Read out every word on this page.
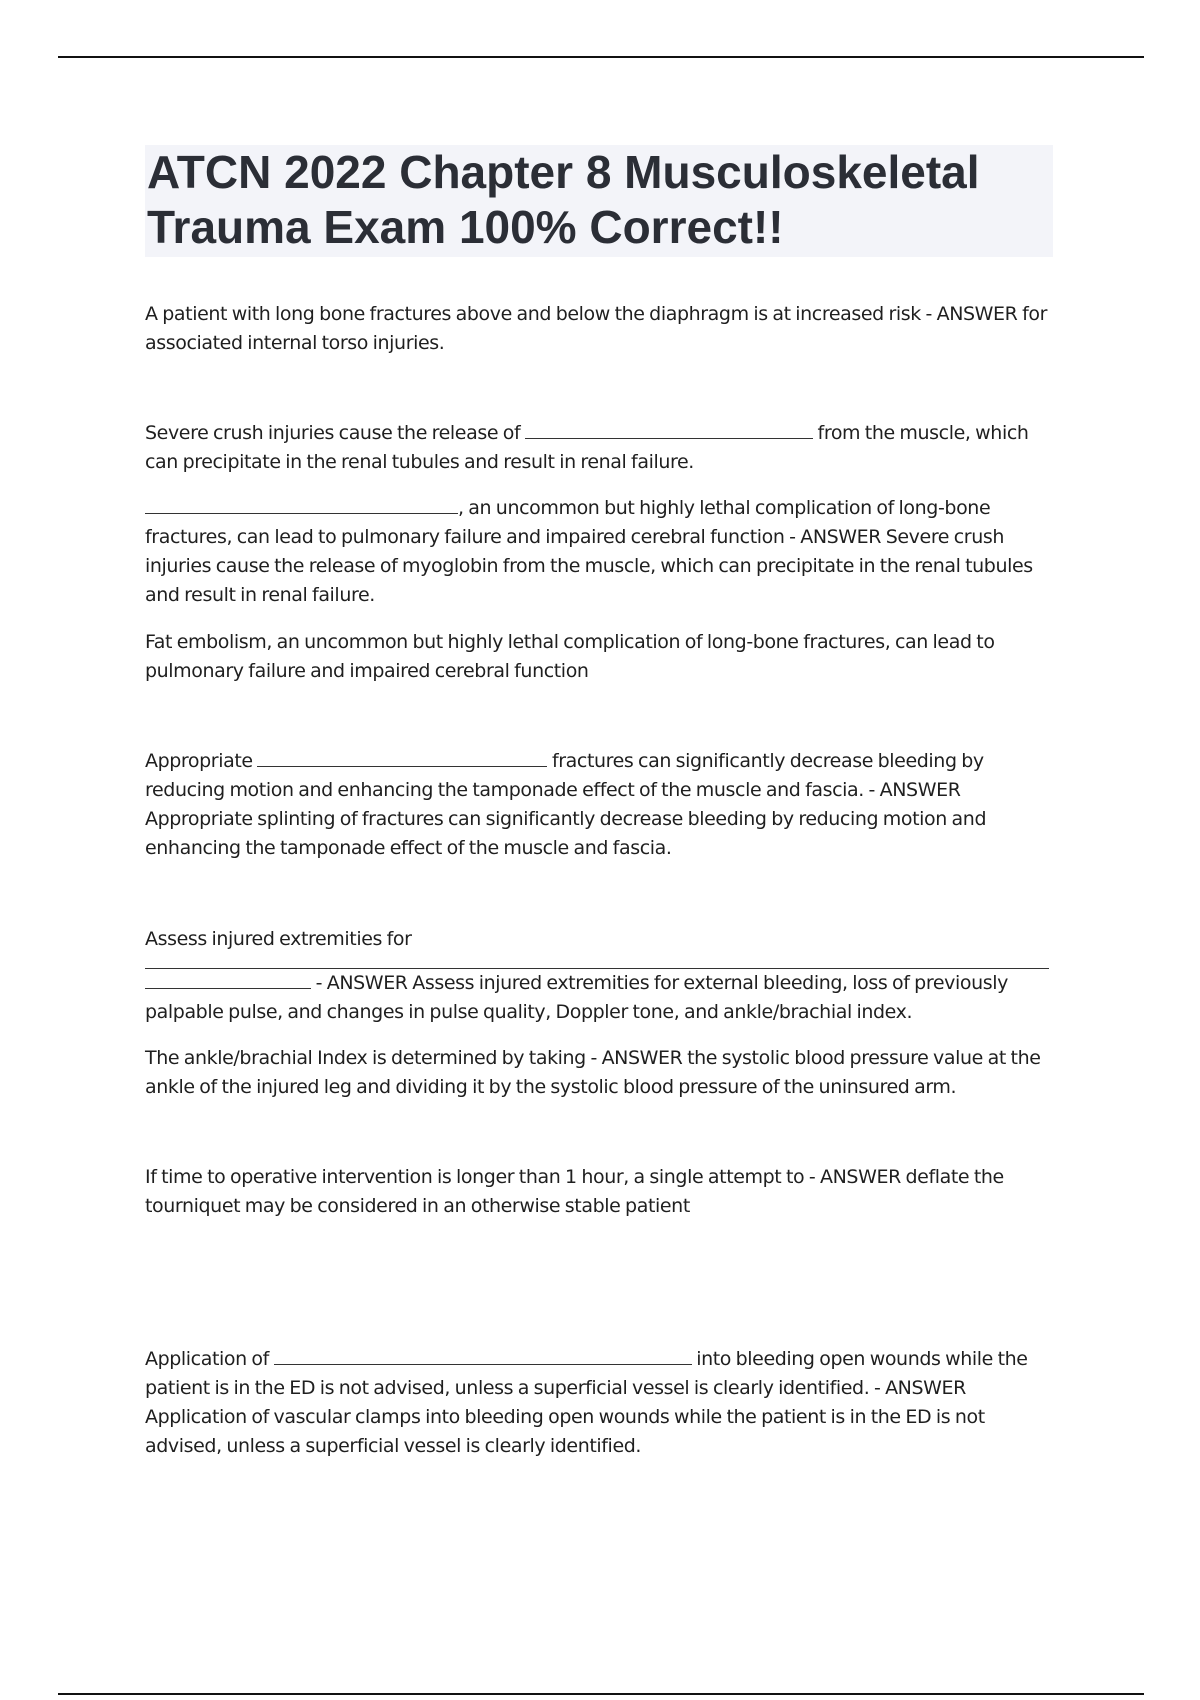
ATCN 2022 Chapter 8 Musculoskeletal
Trauma Exam 100% Correct!!

A patient with long bone fractures above and below the diaphragm is at increased risk - ANSWER for associated internal torso injuries.

Severe crush injuries cause the release of	from the muscle, which can precipitate in the renal tubules and result in renal failure.

, an uncommon but highly lethal complication of long-bone fractures, can lead to pulmonary failure and impaired cerebral function - ANSWER Severe crush injuries cause the release of myoglobin from the muscle, which can precipitate in the renal tubules and result in renal failure.

Fat embolism, an uncommon but highly lethal complication of long-bone fractures, can lead to pulmonary failure and impaired cerebral function

Appropriate	fractures can significantly decrease bleeding by reducing motion and enhancing the tamponade effect of the muscle and fascia. - ANSWER Appropriate splinting of fractures can significantly decrease bleeding by reducing motion and enhancing the tamponade effect of the muscle and fascia.

Assess injured extremities for

- ANSWER Assess injured extremities for external bleeding, loss of previously palpable pulse, and changes in pulse quality, Doppler tone, and ankle/brachial index.

The ankle/brachial Index is determined by taking - ANSWER the systolic blood pressure value at the ankle of the injured leg and dividing it by the systolic blood pressure of the uninsured arm.

If time to operative intervention is longer than 1 hour, a single attempt to - ANSWER deflate the tourniquet may be considered in an otherwise stable patient

Application of	into bleeding open wounds while the patient is in the ED is not advised, unless a superficial vessel is clearly identified. - ANSWER Application of vascular clamps into bleeding open wounds while the patient is in the ED is not advised, unless a superficial vessel is clearly identified.
